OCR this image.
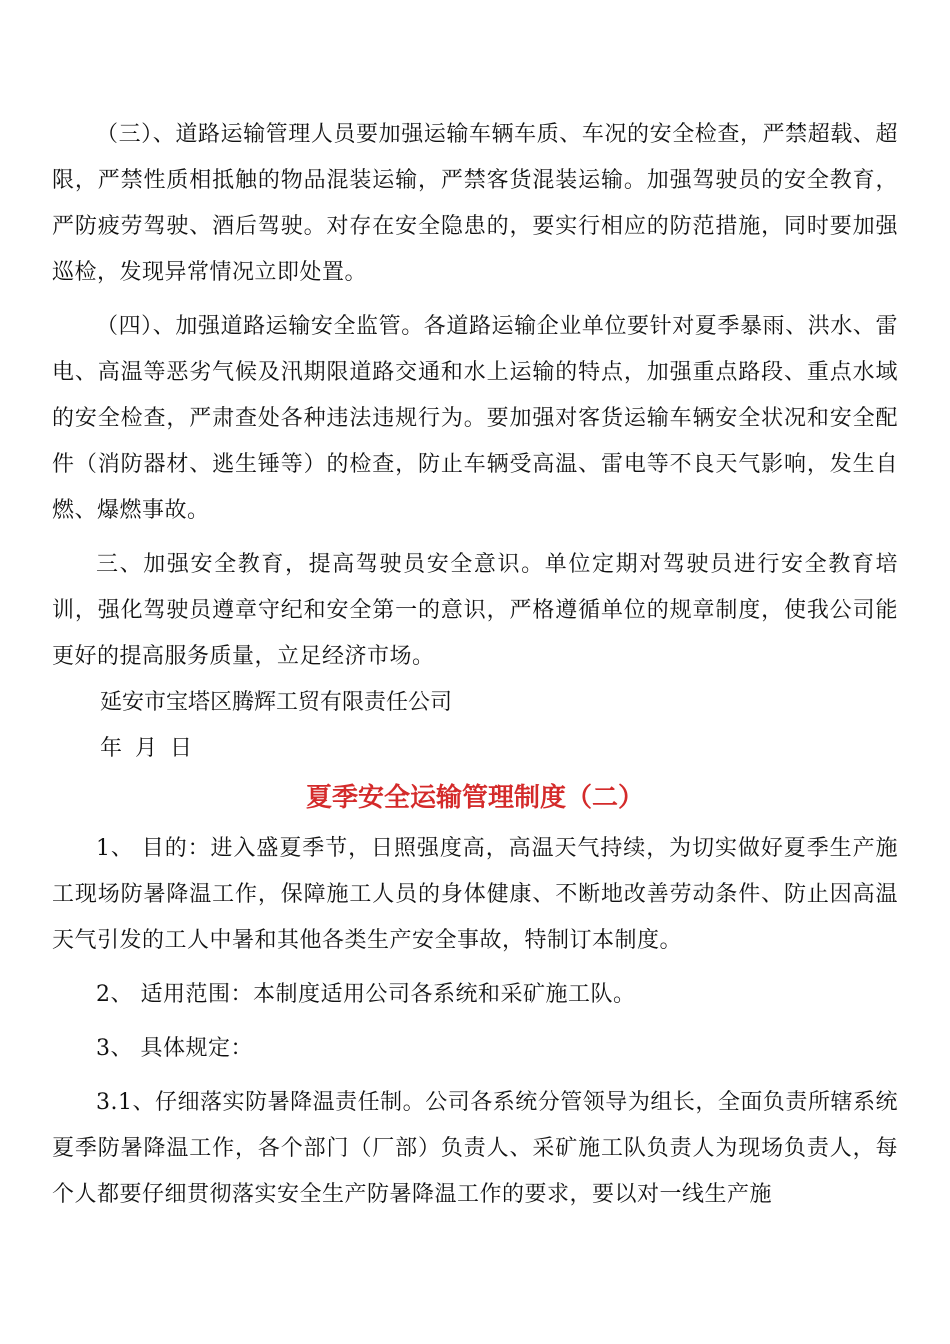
（三）、道路运输管理人员要加强运输车辆车质、车况的安全检查，严禁超载、超限，严禁性质相抵触的物品混装运输，严禁客货混装运输。加强驾驶员的安全教育，严防疲劳驾驶、酒后驾驶。对存在安全隐患的，要实行相应的防范措施，同时要加强巡检，发现异常情况立即处置。

（四）、加强道路运输安全监管。各道路运输企业单位要针对夏季暴雨、洪水、雷电、高温等恶劣气候及汛期限道路交通和水上运输的特点，加强重点路段、重点水域的安全检查，严肃查处各种违法违规行为。要加强对客货运输车辆安全状况和安全配件（消防器材、逃生锤等）的检查，防止车辆受高温、雷电等不良天气影响，发生自燃、爆燃事故。

三、加强安全教育，提高驾驶员安全意识。单位定期对驾驶员进行安全教育培训，强化驾驶员遵章守纪和安全第一的意识，严格遵循单位的规章制度，使我公司能更好的提高服务质量，立足经济市场。

延安市宝塔区腾辉工贸有限责任公司

年 月 日

夏季安全运输管理制度（二）

1、 目的：进入盛夏季节，日照强度高，高温天气持续，为切实做好夏季生产施工现场防暑降温工作，保障施工人员的身体健康、不断地改善劳动条件、防止因高温天气引发的工人中暑和其他各类生产安全事故，特制订本制度。

2、 适用范围：本制度适用公司各系统和采矿施工队。

3、 具体规定：

3.1、仔细落实防暑降温责任制。公司各系统分管领导为组长，全面负责所辖系统夏季防暑降温工作，各个部门（厂部）负责人、采矿施工队负责人为现场负责人，每个人都要仔细贯彻落实安全生产防暑降温工作的要求，要以对一线生产施
